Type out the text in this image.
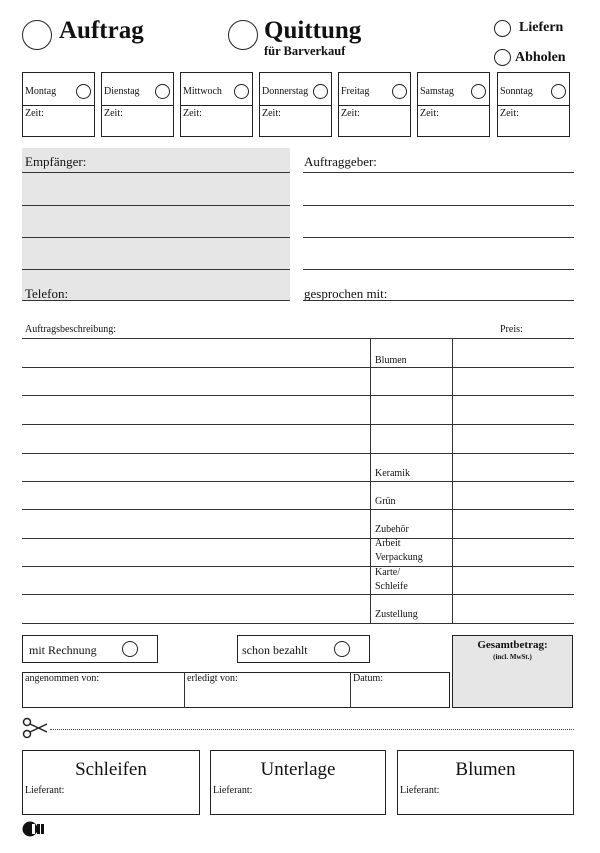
Auftrag	Quittung
für Barverkauf
Liefern
Abholen
Montag
Zeit:
Dienstag
Zeit:
Mittwoch
Zeit:
Donnerstag
Zeit:
Freitag
Zeit:
Samstag
Zeit:
Sonntag
Zeit:
Empfänger:
Telefon:
Auftraggeber:
gesprochen mit:
Auftragsbeschreibung:	Preis:
Blumen
Keramik
Grün
Zubehör
Arbeit Verpackung
Karte/ Schleife
Zustellung
mit Rechnung	schon bezahlt	Gesamtbetrag:
(incl. MwSt.)
angenommen von:	erledigt von:	Datum:
Schleifen
Lieferant:
Unterlage
Lieferant:
Blumen
Lieferant:
